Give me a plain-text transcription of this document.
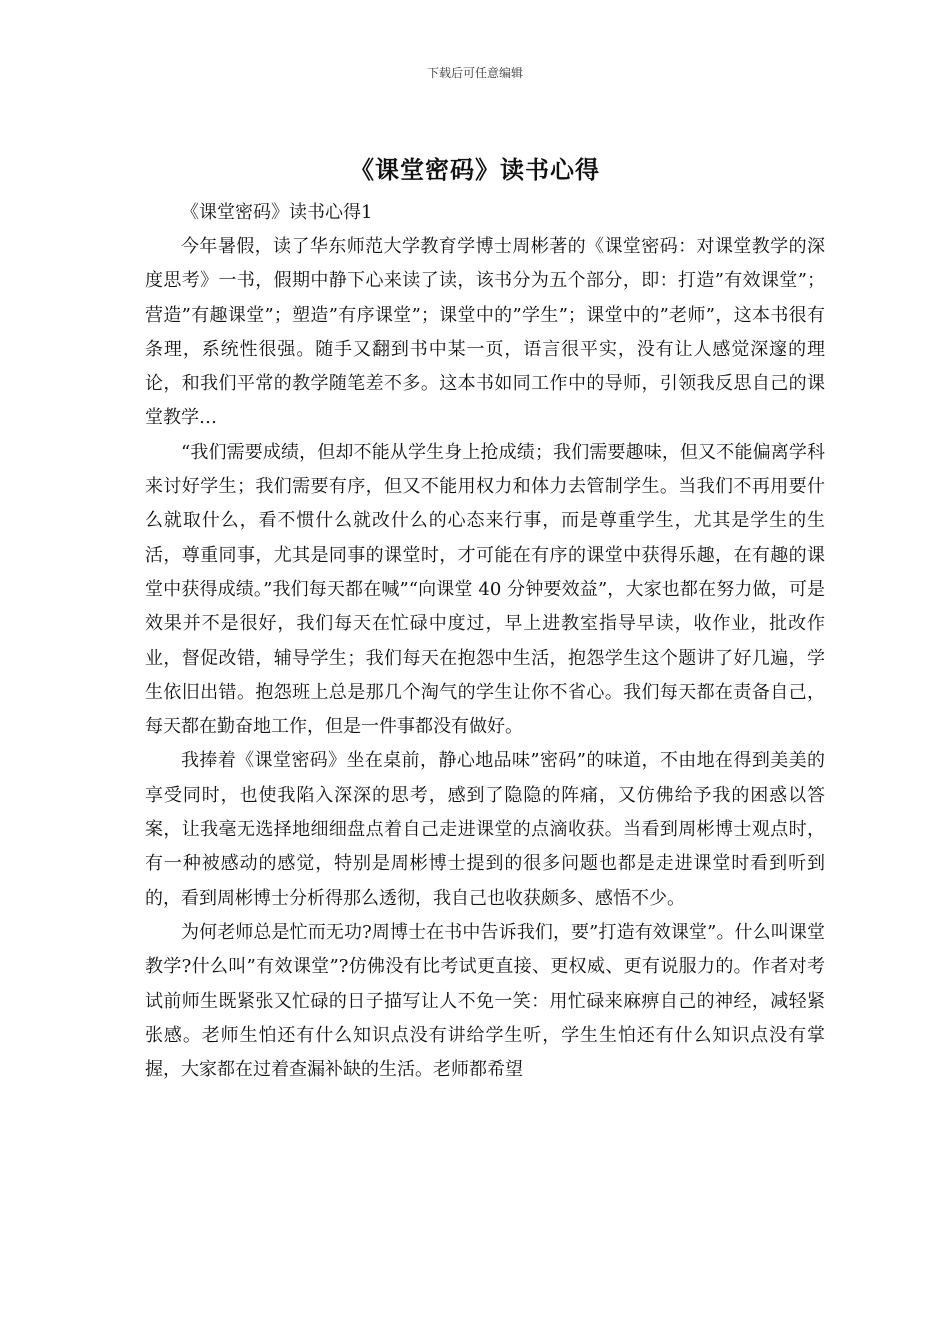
下载后可任意编辑
《课堂密码》读书心得

《课堂密码》读书心得1

今年暑假，读了华东师范大学教育学博士周彬著的《课堂密码：对课堂教学的深度思考》一书，假期中静下心来读了读，该书分为五个部分，即：打造”有效课堂”；营造”有趣课堂”；塑造”有序课堂”；课堂中的”学生”；课堂中的”老师”，这本书很有条理，系统性很强。随手又翻到书中某一页，语言很平实，没有让人感觉深邃的理论，和我们平常的教学随笔差不多。这本书如同工作中的导师，引领我反思自己的课堂教学…

“我们需要成绩，但却不能从学生身上抢成绩；我们需要趣味，但又不能偏离学科来讨好学生；我们需要有序，但又不能用权力和体力去管制学生。当我们不再用要什么就取什么，看不惯什么就改什么的心态来行事，而是尊重学生，尤其是学生的生活，尊重同事，尤其是同事的课堂时，才可能在有序的课堂中获得乐趣，在有趣的课堂中获得成绩。”我们每天都在喊”“向课堂 40 分钟要效益”，大家也都在努力做，可是效果并不是很好，我们每天在忙碌中度过，早上进教室指导早读，收作业，批改作业，督促改错，辅导学生；我们每天在抱怨中生活，抱怨学生这个题讲了好几遍，学生依旧出错。抱怨班上总是那几个淘气的学生让你不省心。我们每天都在责备自己，每天都在勤奋地工作，但是一件事都没有做好。

我捧着《课堂密码》坐在桌前，静心地品味”密码”的味道，不由地在得到美美的享受同时，也使我陷入深深的思考，感到了隐隐的阵痛，又仿佛给予我的困惑以答案，让我毫无选择地细细盘点着自己走进课堂的点滴收获。当看到周彬博士观点时，有一种被感动的感觉，特别是周彬博士提到的很多问题也都是走进课堂时看到听到的，看到周彬博士分析得那么透彻，我自己也收获颇多、感悟不少。

为何老师总是忙而无功?周博士在书中告诉我们，要”打造有效课堂”。什么叫课堂教学?什么叫”有效课堂”?仿佛没有比考试更直接、更权威、更有说服力的。作者对考试前师生既紧张又忙碌的日子描写让人不免一笑：用忙碌来麻痹自己的神经，减轻紧张感。老师生怕还有什么知识点没有讲给学生听，学生生怕还有什么知识点没有掌握，大家都在过着查漏补缺的生活。老师都希望
